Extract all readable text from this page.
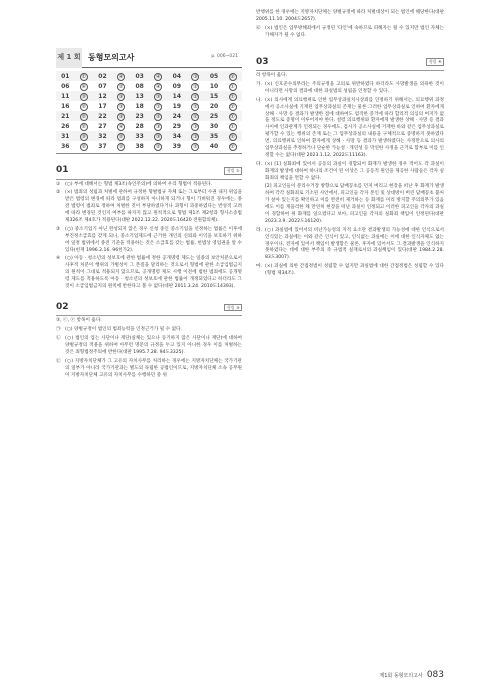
제 1 회 동형모의고사	p. 006~021
01	①	02	④	03	④	04	③	05	②
06	④	07	②	08	④	09	②	10	①
11	③	12	③	13	③	14	②	15	①
16	②	17	③	18	①	19	②	20	②
21	②	22	③	23	②	24	②	25	①
26	②	27	④	28	③	29	③	30	①
31	③	32	②	33	③	34	③	35	②
36	②	37	②	38	②	39	②	40	②
01	형법 ①
①	(○) 부에 대해서는 형법 제3조(속인주의)에 의하여 우리 형법이 적용된다.
②	(×) 범죄의 성립과 처벌에 관하여 규정한 형벌법규 자체 또는 그로부터 수권 내지 위임을 받은 법령의 변경에 따라 범죄를 구성하지 아니하게 되거나 형이 가벼워진 경우에는, 종전 법령이 범죄로 정하여 처벌한 것이 부당하였다거나 과형이 과중하였다는 반성적 고려에 따라 변경된 것인지 여부를 따지지 않고 원칙적으로 형법 제1조 제2항과 형사소송법 제326조 제4호가 적용된다(대판 2022.12.22. 2020도16420 전원합의체).
③	(○) 중소기업기 아닌 완성되지 않은 경우 신청 중인 중소기업을 선정하는 법률은 이후에 부진정소급효를 갖게 되나, 중소기업제도에 근거한 개인의 신뢰와 이익을 보호하기 위하여 일정 범위에서 종전 기준을 적용하는 것은 소급효를 갖는 법률, 헌법상 영업권을 알 수 있다(헌재 1996.2.16. 96헌가2).
④	(○) 아동 · 청소년의 성보호에 관한 법률에 정한 공개명령 제도는 일종의 보안처분으로서 사후적 처분이 행위의 가벌성이 그 본질을 달리하는 것으로서 형법에 관한 소급입법금지의 원칙이 그대로 적용되지 않으므로, 공개명령 제도 시행 이전에 범한 범죄에도 공개명령 제도를 적용하도록 아동 · 청소년의 성보호에 관한 법률이 개정되었다고 하더라도 그것이 소급입법금지의 원칙에 반한다고 볼 수 없다(대판 2011.3.24. 2010도14393).
02	형법 ③

③, ⓒ, ⓔ 항목이 옳다.

㉠ (○) 양벌규정이 법인의 범죄능력을 인정근거가 될 수 없다.
㉡ (○) 법인의 업는 사단이나 재단(실체는 있으나 등기하지 않은 사단이나 재단)에 대하여 양벌규정의 적용을 위하여 아무런 명문의 규정을 두고 있지 아니한 경우 이를 처벌하는 것은 죄형법정주의에 반한다(대판 1995.7.28. 94도3325).
㉢ (○) 지방자치단체가 그 고유의 자치사무를 처리하는 경우에는 지방자치단체는 국가기관의 일부가 아니라 국가기관과는 별도의 독립한 공법인이므로, 지방자치단체 소속 공무원이 지방자치단체 고유의 자치사무를 수행하던 중 위

반행위를 한 경우에는 지방자치단체는 양벌규정에 따라 처벌대상이 되는 법인에 해당한다(대판 2005.11.10. 2004도2657).

㉣ (×) 법인은 업무방해죄에서 규정된 '타인'에 속하므로 피해자는 될 수 있지만 법인 자체는 가해자가 될 수 없다.
03	형법 ④

라 항목이 옳다.

가. (×) 신호준수의무라는 주의규정을 고의로 위반하였다 하더라도 사망발생을 의욕한 것이 아니라면 사망의 결과에 대한 과실범의 성립을 인정할 수 있다.
나. (×) 의사에게 의료행위로 인한 업무상과실치사상죄를 인정하기 위해서는, 의료행위 과정에서 공소사실에 기재된 업무상과실의 존재는 물론 그러한 업무상과실로 인하여 환자에게 상해 · 사망 등 결과가 발생한 점에 대하여도 엄격한 증거에 따라 합리적 의심의 여지가 없을 정도로 증명이 이루어져야 한다. 설령 의료행위와 환자에게 발생한 상해 · 사망 등 결과 사이에 인과관계가 인정되는 경우에도, 검사가 공소사실에 기재한 바와 같은 업무상과실로 평가할 수 있는 행위의 존재 또는 그 업무상과실의 내용을 구체적으로 증명하지 못하였다면, 의료행위로 인하여 환자에게 상해 · 사망 등 결과가 발생하였다는 사정만으로 의사의 업무상과실을 추정하거나 단순한 가능성 · 개연성 등 막연한 사정을 근거로 함부로 이를 인정할 수는 없다(대판 2023.1.12. 2022도11163).
다. (×) [1] 실화죄에 있어서 공동의 과실이 경합되어 화재가 발생한 경우 적어도 각 과실이 화재의 발생에 대하여 하나의 조건이 된 이상은 그 공동적 원인을 제공한 사람들은 각자 실화죄의 책임을 면할 수 없다.
[2] 피고인들이 분리수거장 방향으로 담배꽁초를 던져 버리고 현장을 떠난 후 화재가 발생하여 각각 실화죄로 기소된 사안에서, 피고인들 각자 본인 및 상대방이 버린 담배꽁초 불씨가 살아 있는지를 확인하고 이를 완전히 제거하는 등 화재를 미리 방지할 주의의무가 있음에도 이를 게을리한 채 만연히 현장을 떠난 과실이 인정되고 이러한 피고인들 각자의 과실이 경합하여 위 화재를 일으켰다고 보아, 피고인들 각자의 실화죄 책임이 인정된다(대판 2023.3.9. 2022도16120).
라. (○) 과실범에 있어서의 비난가능성의 지적 요소란 결과발생의 가능성에 대한 인식으로서 인식있는 과실에는 이와 같은 인식이 있고, 인식없는 과실에는 이에 대한 인식자체도 없는 경우이나, 전자에 있어서 책임이 발생함은 물론, 후자에 있어서도 그 결과발생을 인식하지 못하였다는 데에 대한 부주의 즉 규범적 실재로서의 과실책임이 있다(대판 1984.2.28. 83도3007).
마. (×) 과실에 의한 간접정범이 성립할 수 없지만 과실범에 대한 간접정범은 성립할 수 있다(형법 제34조).
제1회 동형모의고사 083
